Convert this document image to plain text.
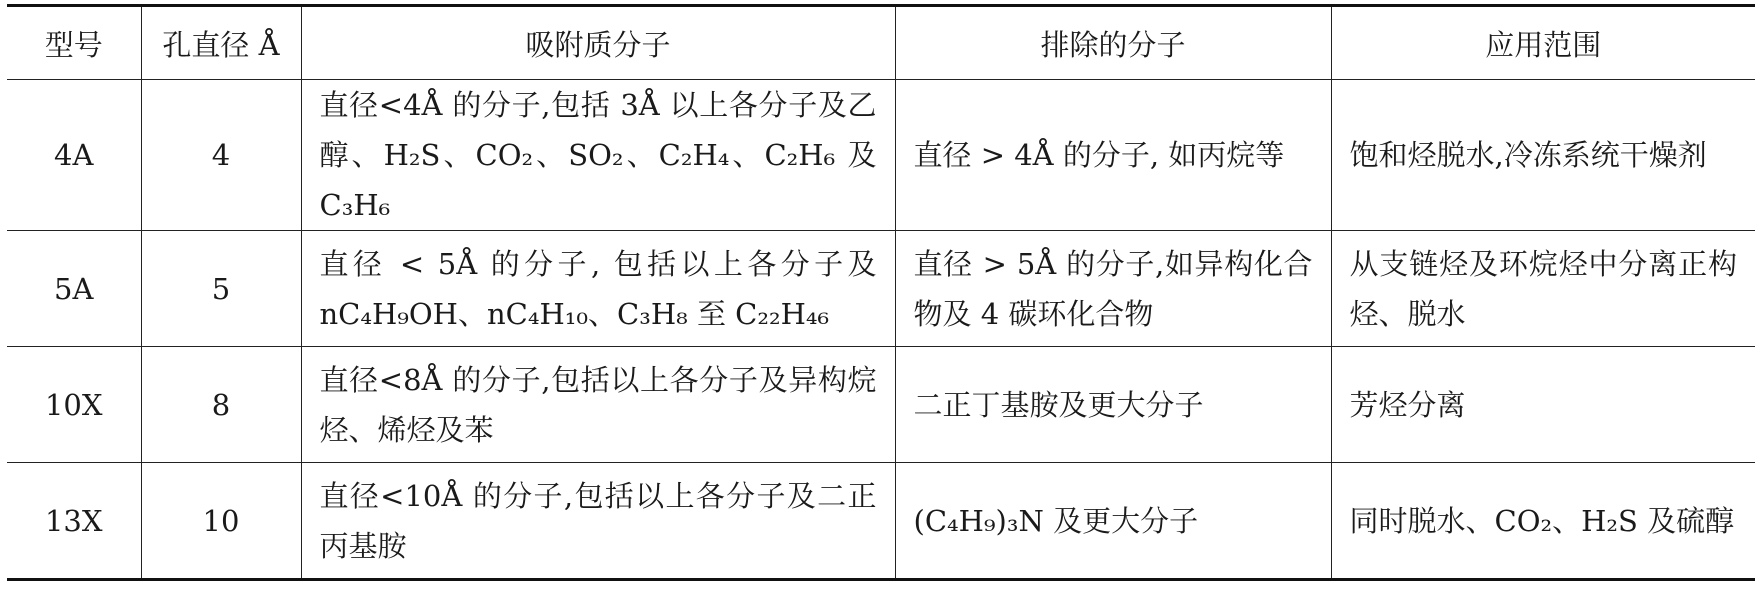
型号	孔直径 Å	吸附质分子	排除的分子	应用范围
4A	4	直径<4Å 的分子,包括 3Å 以上各分子及乙醇、H₂S、CO₂、SO₂、C₂H₄、C₂H₆ 及 C₃H₆	直径 > 4Å 的分子, 如丙烷等	饱和烃脱水,冷冻系统干燥剂
5A	5	直径 < 5Å 的分子, 包括以上各分子及 nC₄H₉OH、nC₄H₁₀、C₃H₈ 至 C₂₂H₄₆	直径 > 5Å 的分子,如异构化合物及 4 碳环化合物	从支链烃及环烷烃中分离正构烃、脱水
10X	8	直径<8Å 的分子,包括以上各分子及异构烷烃、烯烃及苯	二正丁基胺及更大分子	芳烃分离
13X	10	直径<10Å 的分子,包括以上各分子及二正丙基胺	(C₄H₉)₃N 及更大分子	同时脱水、CO₂、H₂S 及硫醇
